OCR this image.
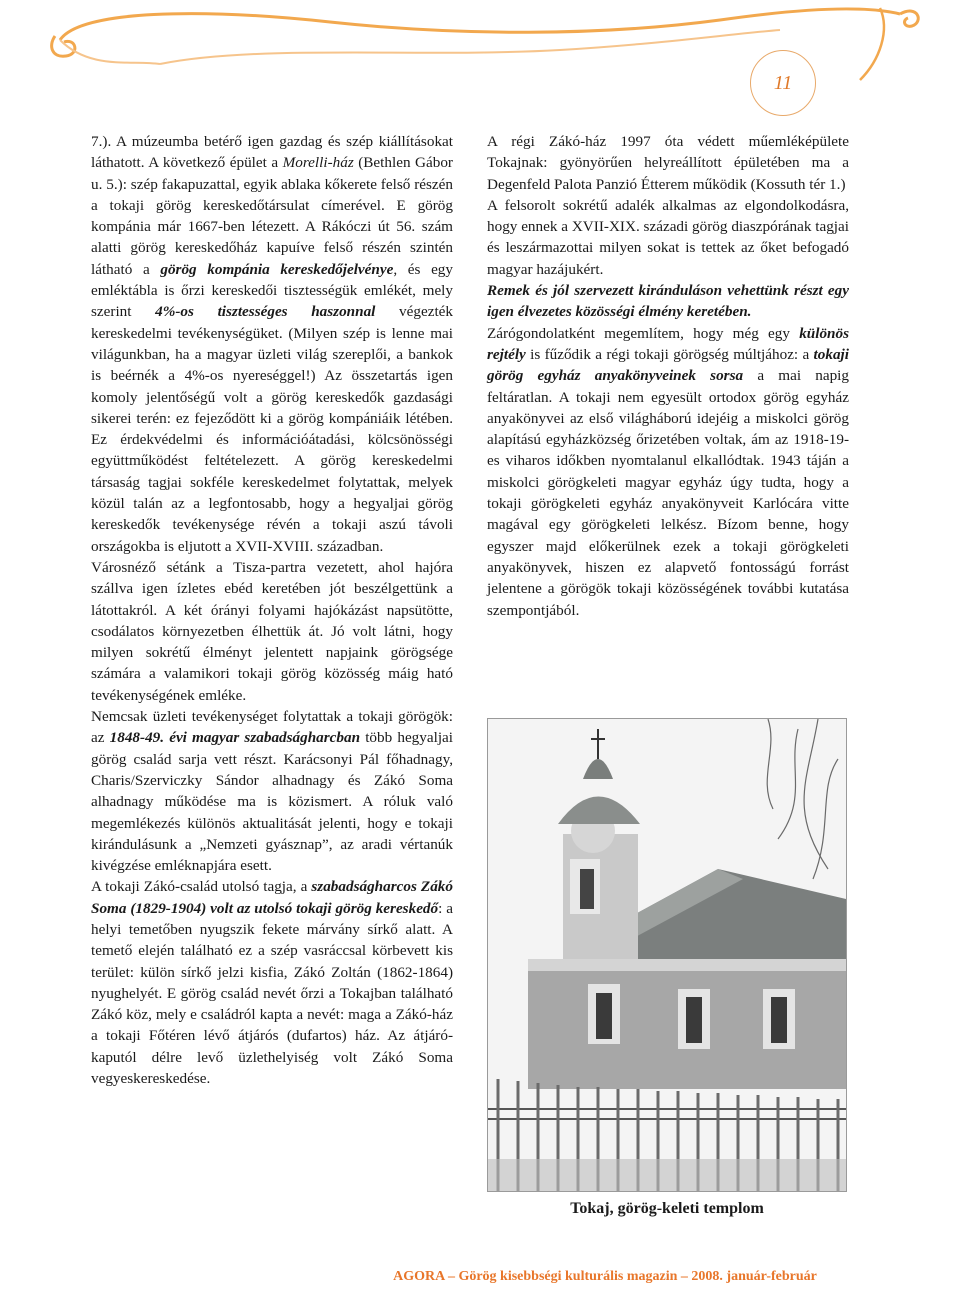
11

7.). A múzeumba betérő igen gazdag és szép kiállításokat láthatott. A következő épület a Morelli-ház (Bethlen Gábor u. 5.): szép fakapuzattal, egyik ablaka kőkerete felső részén a tokaji görög kereskedőtársulat címerével. E görög kompánia már 1667-ben létezett. A Rákóczi út 56. szám alatti görög kereskedőház kapuíve felső részén szintén látható a görög kompánia kereskedőjelvénye, és egy emléktábla is őrzi kereskedői tisztességük emlékét, mely szerint 4%-os tisztességes haszonnal végezték kereskedelmi tevékenységüket. (Milyen szép is lenne mai világunkban, ha a magyar üzleti világ szereplői, a bankok is beérnék a 4%-os nyereséggel!) Az összetartás igen komoly jelentőségű volt a görög kereskedők gazdasági sikerei terén: ez fejeződött ki a görög kompániáik létében. Ez érdekvédelmi és információátadási, kölcsönösségi együttműködést feltételezett. A görög kereskedelmi társaság tagjai sokféle kereskedelmet folytattak, melyek közül talán az a legfontosabb, hogy a hegyaljai görög kereskedők tevékenysége révén a tokaji aszú távoli országokba is eljutott a XVII-XVIII. században.
Városnéző sétánk a Tisza-partra vezetett, ahol hajóra szállva igen ízletes ebéd keretében jót beszélgettünk a látottakról. A két órányi folyami hajókázást napsütötte, csodálatos környezetben élhettük át. Jó volt látni, hogy milyen sokrétű élményt jelentett napjaink görögsége számára a valamikori tokaji görög közösség máig ható tevékenységének emléke.
Nemcsak üzleti tevékenységet folytattak a tokaji görögök: az 1848-49. évi magyar szabadságharcban több hegyaljai görög család sarja vett részt. Karácsonyi Pál főhadnagy, Charis/Szerviczky Sándor alhadnagy és Zákó Soma alhadnagy működése ma is közismert. A róluk való megemlékezés különös aktualitását jelenti, hogy e tokaji kirándulásunk a „Nemzeti gyásznap”, az aradi vértanúk kivégzése emléknapjára esett.
A tokaji Zákó-család utolsó tagja, a szabadságharcos Zákó Soma (1829-1904) volt az utolsó tokaji görög kereskedő: a helyi temetőben nyugszik fekete márvány sírkő alatt. A temető elején található ez a szép vasráccsal körbevett kis terület: külön sírkő jelzi kisfia, Zákó Zoltán (1862-1864) nyughelyét. E görög család nevét őrzi a Tokajban található Zákó köz, mely e családról kapta a nevét: maga a Zákó-ház a tokaji Főtéren lévő átjárós (dufartos) ház. Az átjáró-kaputól délre levő üzlethelyiség volt Zákó Soma vegyeskereskedése.

A régi Zákó-ház 1997 óta védett műemléképülete Tokajnak: gyönyörűen helyreállított épületében ma a Degenfeld Palota Panzió Étterem működik (Kossuth tér 1.)
A felsorolt sokrétű adalék alkalmas az elgondolkodásra, hogy ennek a XVII-XIX. századi görög diaszpórának tagjai és leszármazottai milyen sokat is tettek az őket befogadó magyar hazájukért.
Remek és jól szervezett kiránduláson vehettünk részt egy igen élvezetes közösségi élmény keretében.
Zárógondolatként megemlítem, hogy még egy különös rejtély is fűződik a régi tokaji görögség múltjához: a tokaji görög egyház anyakönyveinek sorsa a mai napig feltáratlan. A tokaji nem egyesült ortodox görög egyház anyakönyvei az első világháború idejéig a miskolci görög alapítású egyházközség őrizetében voltak, ám az 1918-19-es viharos időkben nyomtalanul elkallódtak. 1943 táján a miskolci görögkeleti magyar egyház úgy tudta, hogy a tokaji görögkeleti egyház anyakönyveit Karlócára vitte magával egy görögkeleti lelkész. Bízom benne, hogy egyszer majd előkerülnek ezek a tokaji görögkeleti anyakönyvek, hiszen ez alapvető fontosságú forrást jelentene a görögök tokaji közösségének további kutatása szempontjából.

Tokaj, görög-keleti templom
AGORA – Görög kisebbségi kulturális magazin – 2008. január-február
